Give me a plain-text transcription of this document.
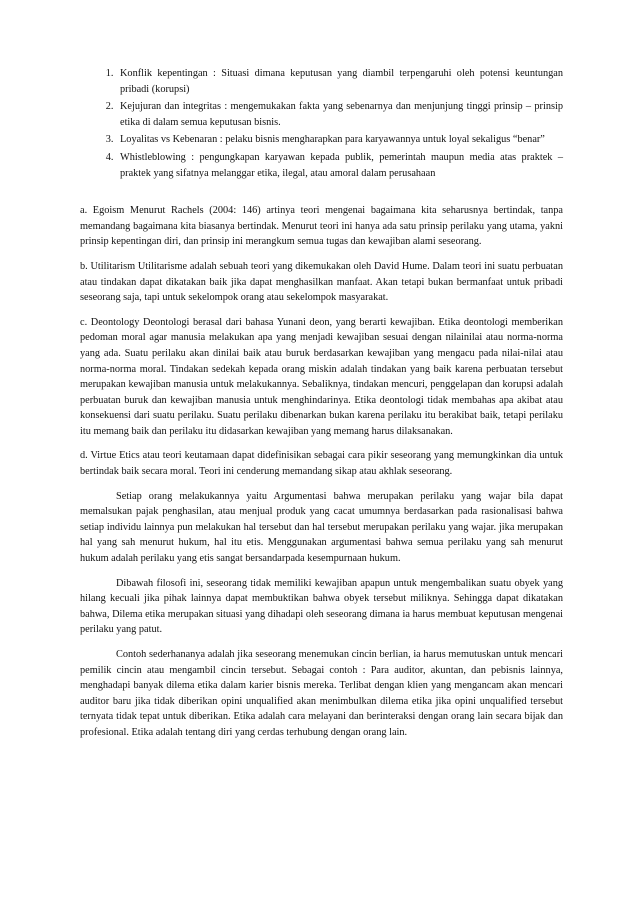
1. Konflik kepentingan : Situasi dimana keputusan yang diambil terpengaruhi oleh potensi keuntungan pribadi (korupsi)
2. Kejujuran dan integritas : mengemukakan fakta yang sebenarnya dan menjunjung tinggi prinsip – prinsip etika di dalam semua keputusan bisnis.
3. Loyalitas vs Kebenaran : pelaku bisnis mengharapkan para karyawannya untuk loyal sekaligus “benar”
4. Whistleblowing : pengungkapan karyawan kepada publik, pemerintah maupun media atas praktek – praktek yang sifatnya melanggar etika, ilegal, atau amoral dalam perusahaan

a. Egoism Menurut Rachels (2004: 146) artinya teori mengenai bagaimana kita seharusnya bertindak, tanpa memandang bagaimana kita biasanya bertindak. Menurut teori ini hanya ada satu prinsip perilaku yang utama, yakni prinsip kepentingan diri, dan prinsip ini merangkum semua tugas dan kewajiban alami seseorang.

b. Utilitarism Utilitarisme adalah sebuah teori yang dikemukakan oleh David Hume. Dalam teori ini suatu perbuatan atau tindakan dapat dikatakan baik jika dapat menghasilkan manfaat. Akan tetapi bukan bermanfaat untuk pribadi seseorang saja, tapi untuk sekelompok orang atau sekelompok masyarakat.

c. Deontology Deontologi berasal dari bahasa Yunani deon, yang berarti kewajiban. Etika deontologi memberikan pedoman moral agar manusia melakukan apa yang menjadi kewajiban sesuai dengan nilainilai atau norma-norma yang ada. Suatu perilaku akan dinilai baik atau buruk berdasarkan kewajiban yang mengacu pada nilai-nilai atau norma-norma moral. Tindakan sedekah kepada orang miskin adalah tindakan yang baik karena perbuatan tersebut merupakan kewajiban manusia untuk melakukannya. Sebaliknya, tindakan mencuri, penggelapan dan korupsi adalah perbuatan buruk dan kewajiban manusia untuk menghindarinya. Etika deontologi tidak membahas apa akibat atau konsekuensi dari suatu perilaku. Suatu perilaku dibenarkan bukan karena perilaku itu berakibat baik, tetapi perilaku itu memang baik dan perilaku itu didasarkan kewajiban yang memang harus dilaksanakan.

d. Virtue Etics atau teori keutamaan dapat didefinisikan sebagai cara pikir seseorang yang memungkinkan dia untuk bertindak baik secara moral. Teori ini cenderung memandang sikap atau akhlak seseorang.

Setiap orang melakukannya yaitu Argumentasi bahwa merupakan perilaku yang wajar bila dapat memalsukan pajak penghasilan, atau menjual produk yang cacat umumnya berdasarkan pada rasionalisasi bahwa setiap individu lainnya pun melakukan hal tersebut dan hal tersebut merupakan perilaku yang wajar. jika merupakan hal yang sah menurut hukum, hal itu etis. Menggunakan argumentasi bahwa semua perilaku yang sah menurut hukum adalah perilaku yang etis sangat bersandarpada kesempurnaan hukum.

Dibawah filosofi ini, seseorang tidak memiliki kewajiban apapun untuk mengembalikan suatu obyek yang hilang kecuali jika pihak lainnya dapat membuktikan bahwa obyek tersebut miliknya. Sehingga dapat dikatakan bahwa, Dilema etika merupakan situasi yang dihadapi oleh seseorang dimana ia harus membuat keputusan mengenai perilaku yang patut.

Contoh sederhananya adalah jika seseorang menemukan cincin berlian, ia harus memutuskan untuk mencari pemilik cincin atau mengambil cincin tersebut. Sebagai contoh : Para auditor, akuntan, dan pebisnis lainnya, menghadapi banyak dilema etika dalam karier bisnis mereka. Terlibat dengan klien yang mengancam akan mencari auditor baru jika tidak diberikan opini unqualified akan menimbulkan dilema etika jika opini unqualified tersebut ternyata tidak tepat untuk diberikan. Etika adalah cara melayani dan berinteraksi dengan orang lain secara bijak dan profesional. Etika adalah tentang diri yang cerdas terhubung dengan orang lain.
